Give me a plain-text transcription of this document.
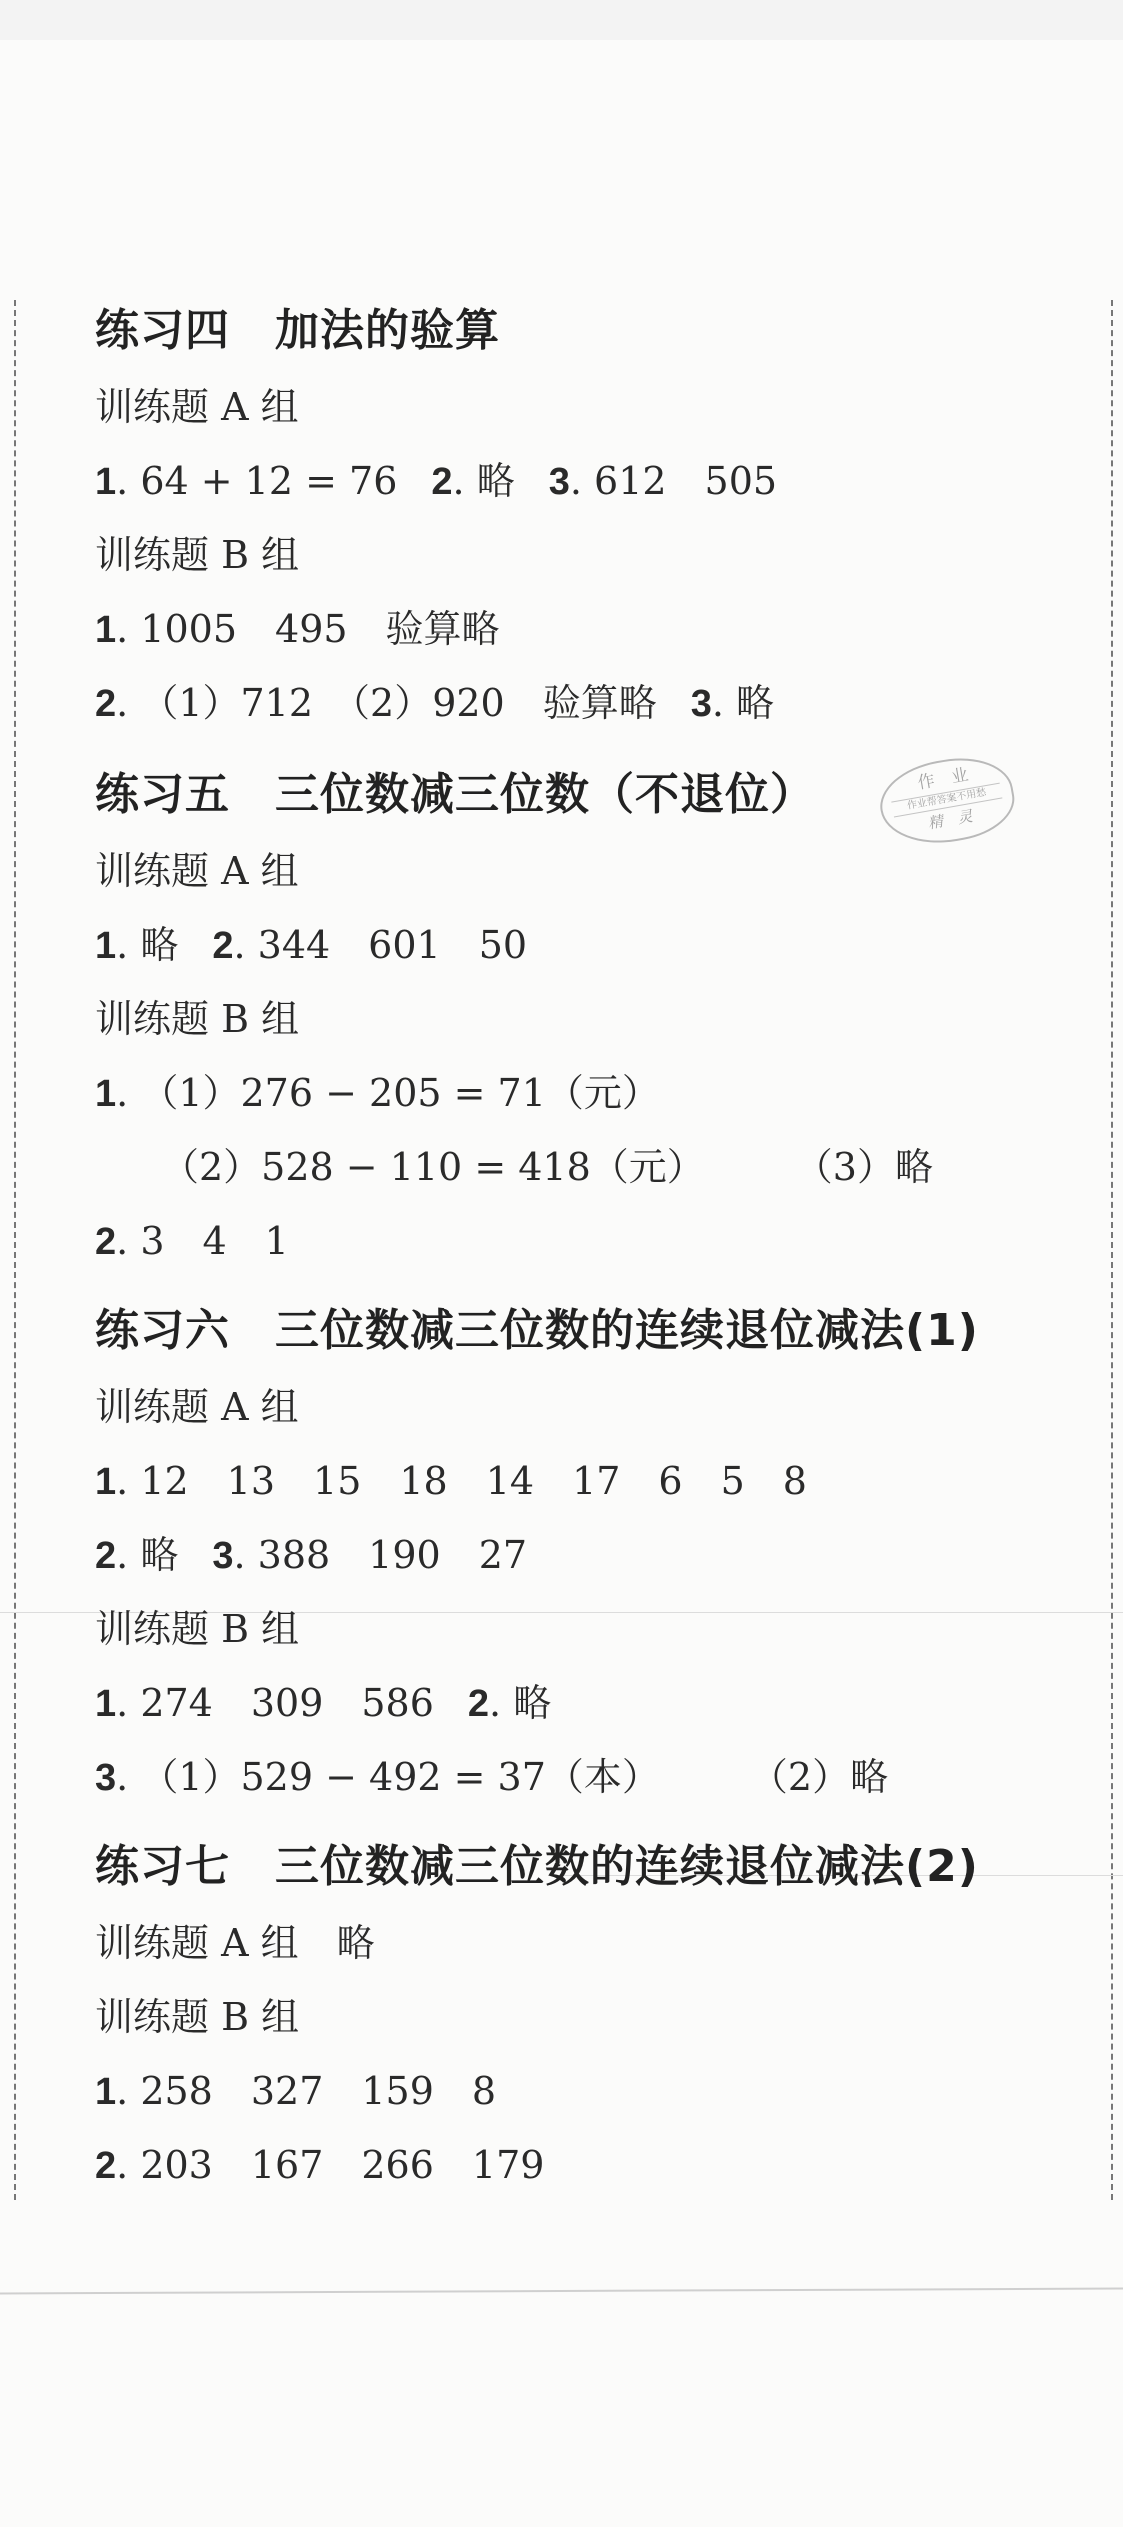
练习四　加法的验算
训练题 A 组
1. 64 + 12 = 76 2. 略 3. 612　505
训练题 B 组
1. 1005　495　验算略
2. （1）712　（2）920　验算略 3. 略
练习五　三位数减三位数（不退位）
训练题 A 组
1. 略 2. 344　601　50
训练题 B 组
1. （1）276 − 205 = 71（元）
（2）528 − 110 = 418（元） （3）略
2. 3　4　1
练习六　三位数减三位数的连续退位减法(1)
训练题 A 组
1. 12　13　15　18　14　17　6　5　8
2. 略 3. 388　190　27
训练题 B 组
1. 274　309　586 2. 略
3. （1）529 − 492 = 37（本） （2）略
练习七　三位数减三位数的连续退位减法(2)
训练题 A 组　略
训练题 B 组
1. 258　327　159　8
2. 203　167　266　179
作　业
作业帮答案不用愁
精　灵
